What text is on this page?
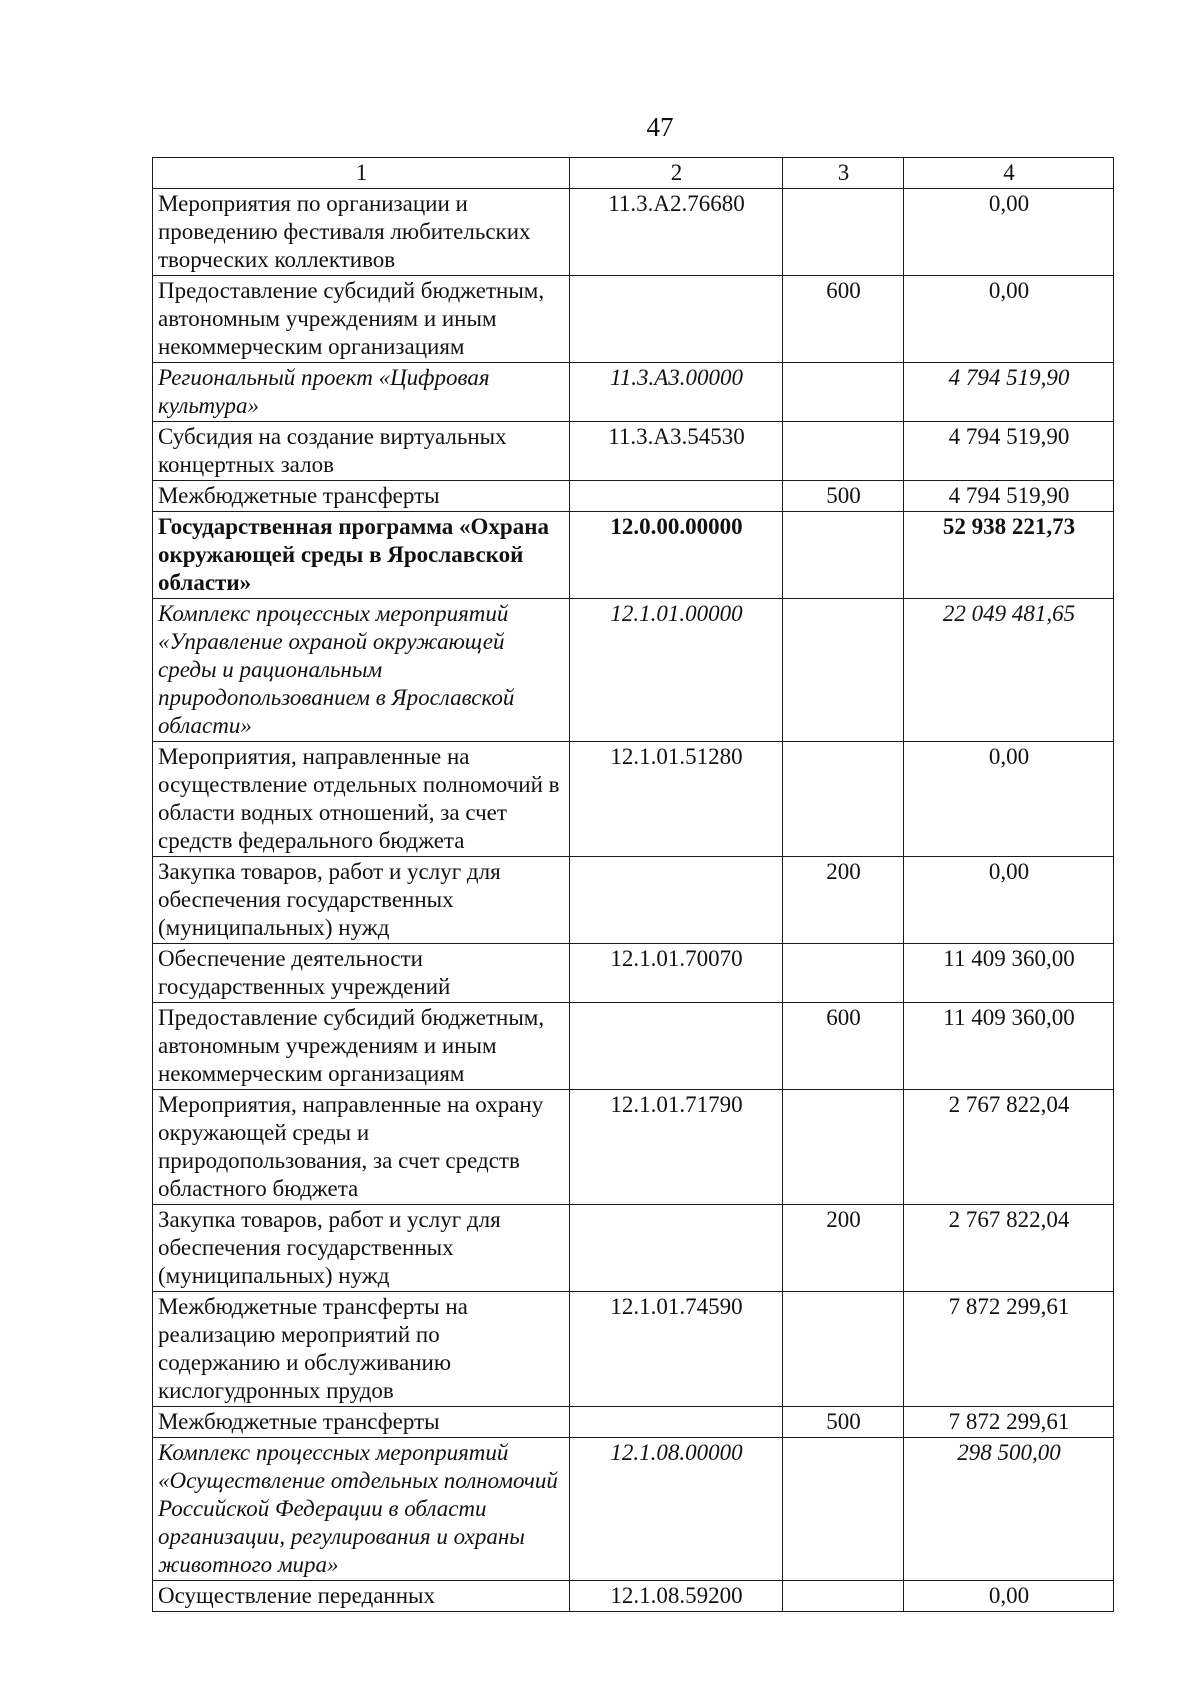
47
1	2	3	4
Мероприятия по организации и проведению фестиваля любительских творческих коллективов	11.3.А2.76680		0,00
Предоставление субсидий бюджетным, автономным учреждениям и иным некоммерческим организациям		600	0,00
Региональный проект «Цифровая культура»	11.3.А3.00000		4 794 519,90
Субсидия на создание виртуальных концертных залов	11.3.А3.54530		4 794 519,90
Межбюджетные трансферты		500	4 794 519,90
Государственная программа «Охрана окружающей среды в Ярославской области»	12.0.00.00000		52 938 221,73
Комплекс процессных мероприятий «Управление охраной окружающей среды и рациональным природопользованием в Ярославской области»	12.1.01.00000		22 049 481,65
Мероприятия, направленные на осуществление отдельных полномочий в области водных отношений, за счет средств федерального бюджета	12.1.01.51280		0,00
Закупка товаров, работ и услуг для обеспечения государственных (муниципальных) нужд		200	0,00
Обеспечение деятельности государственных учреждений	12.1.01.70070		11 409 360,00
Предоставление субсидий бюджетным, автономным учреждениям и иным некоммерческим организациям		600	11 409 360,00
Мероприятия, направленные на охрану окружающей среды и природопользования, за счет средств областного бюджета	12.1.01.71790		2 767 822,04
Закупка товаров, работ и услуг для обеспечения государственных (муниципальных) нужд		200	2 767 822,04
Межбюджетные трансферты на реализацию мероприятий по содержанию и обслуживанию кислогудронных прудов	12.1.01.74590		7 872 299,61
Межбюджетные трансферты		500	7 872 299,61
Комплекс процессных мероприятий «Осуществление отдельных полномочий Российской Федерации в области организации, регулирования и охраны животного мира»	12.1.08.00000		298 500,00
Осуществление переданных	12.1.08.59200		0,00
